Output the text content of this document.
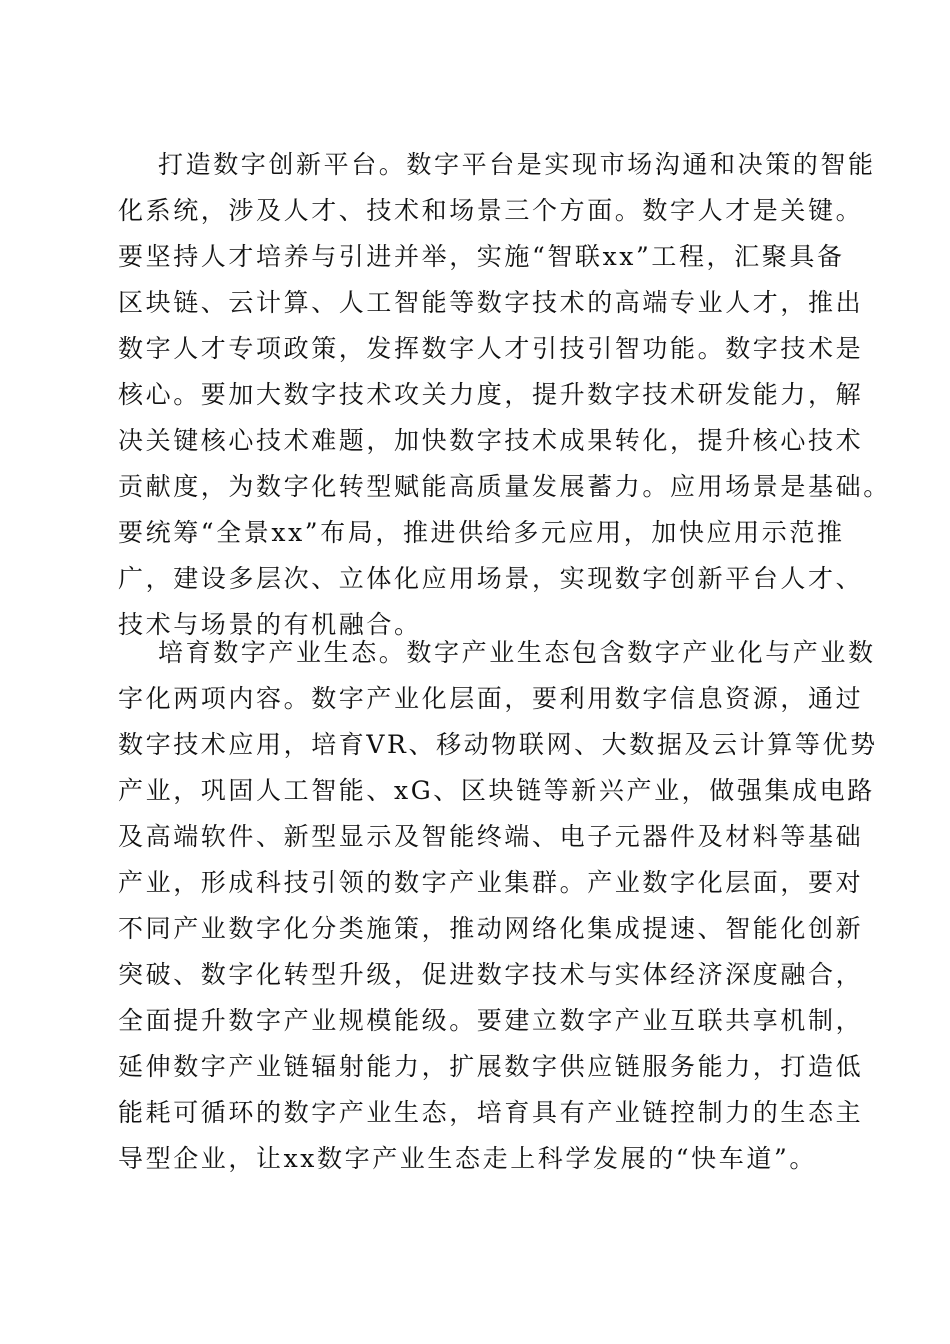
打造数字创新平台。数字平台是实现市场沟通和决策的智能
化系统，涉及人才、技术和场景三个方面。数字人才是关键。
要坚持人才培养与引进并举，实施“智联xx”工程，汇聚具备
区块链、云计算、人工智能等数字技术的高端专业人才，推出
数字人才专项政策，发挥数字人才引技引智功能。数字技术是
核心。要加大数字技术攻关力度，提升数字技术研发能力，解
决关键核心技术难题，加快数字技术成果转化，提升核心技术
贡献度，为数字化转型赋能高质量发展蓄力。应用场景是基础。
要统筹“全景xx”布局，推进供给多元应用，加快应用示范推
广，建设多层次、立体化应用场景，实现数字创新平台人才、
技术与场景的有机融合。
培育数字产业生态。数字产业生态包含数字产业化与产业数
字化两项内容。数字产业化层面，要利用数字信息资源，通过
数字技术应用，培育VR、移动物联网、大数据及云计算等优势
产业，巩固人工智能、xG、区块链等新兴产业，做强集成电路
及高端软件、新型显示及智能终端、电子元器件及材料等基础
产业，形成科技引领的数字产业集群。产业数字化层面，要对
不同产业数字化分类施策，推动网络化集成提速、智能化创新
突破、数字化转型升级，促进数字技术与实体经济深度融合，
全面提升数字产业规模能级。要建立数字产业互联共享机制，
延伸数字产业链辐射能力，扩展数字供应链服务能力，打造低
能耗可循环的数字产业生态，培育具有产业链控制力的生态主
导型企业，让xx数字产业生态走上科学发展的“快车道”。
